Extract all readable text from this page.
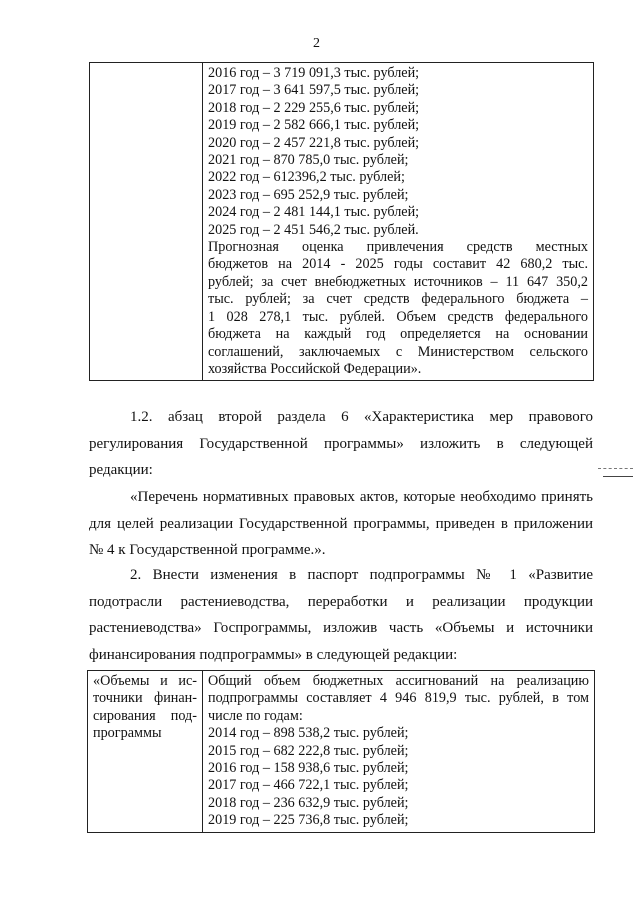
2

2016 год – 3 719 091,3 тыс. рублей;
2017 год – 3 641 597,5 тыс. рублей;
2018 год – 2 229 255,6 тыс. рублей;
2019 год – 2 582 666,1 тыс. рублей;
2020 год – 2 457 221,8 тыс. рублей;
2021 год – 870 785,0 тыс. рублей;
2022 год – 612396,2 тыс. рублей;
2023 год – 695 252,9 тыс. рублей;
2024 год – 2 481 144,1 тыс. рублей;
2025 год – 2 451 546,2 тыс. рублей.
Прогнозная оценка привлечения средств местных
бюджетов на 2014 - 2025 годы составит 42 680,2 тыс.
рублей; за счет внебюджетных источников – 11 647 350,2
тыс. рублей; за счет средств федерального бюджета –
1 028 278,1 тыс. рублей. Объем средств федерального
бюджета на каждый год определяется на основании
соглашений, заключаемых с Министерством сельского
хозяйства Российской Федерации».
1.2. абзац второй раздела 6 «Характеристика мер правового
регулирования Государственной программы» изложить в следующей
редакции:
«Перечень нормативных правовых актов, которые необходимо принять
для целей реализации Государственной программы, приведен в приложении
№ 4 к Государственной программе.».
2. Внести изменения в паспорт подпрограммы № 1 «Развитие
подотрасли растениеводства, переработки и реализации продукции
растениеводства» Госпрограммы, изложив часть «Объемы и источники
финансирования подпрограммы» в следующей редакции:
«Объемы и ис-
точники финан-
сирования под-
программы

Общий объем бюджетных ассигнований на реализацию
подпрограммы составляет 4 946 819,9 тыс. рублей, в том
числе по годам:
2014 год – 898 538,2 тыс. рублей;
2015 год – 682 222,8 тыс. рублей;
2016 год – 158 938,6 тыс. рублей;
2017 год – 466 722,1 тыс. рублей;
2018 год – 236 632,9 тыс. рублей;
2019 год – 225 736,8 тыс. рублей;
